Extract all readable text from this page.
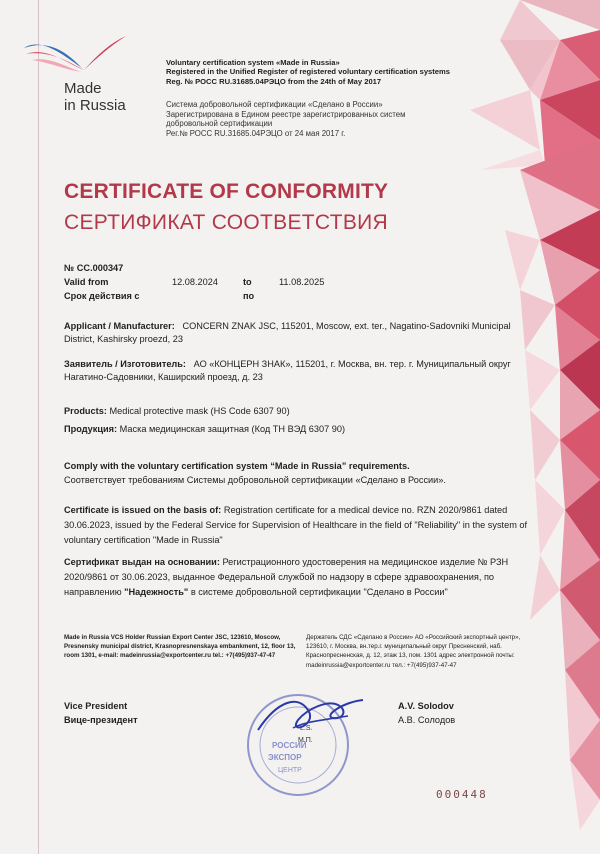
Made
in Russia
Voluntary certification system «Made in Russia»
Registered in the Unified Register of registered voluntary certification systems
Reg. № РОСС RU.31685.04РЭЦО from the 24th of May 2017
Система добровольной сертификации «Сделано в России»
Зарегистрирована в Едином реестре зарегистрированных систем
добровольной сертификации
Рег.№ РОСС RU.31685.04РЭЦО от 24 мая 2017 г.
CERTIFICATE OF CONFORMITY
СЕРТИФИКАТ СООТВЕТСТВИЯ
№ СС.000347
Valid from	12.08.2024	to	11.08.2025
Срок действия с	по
Applicant / Manufacturer: CONCERN ZNAK JSC, 115201, Moscow, ext. ter., Nagatino-Sadovniki Municipal District, Kashirsky proezd, 23
Заявитель / Изготовитель: АО «КОНЦЕРН ЗНАК», 115201, г. Москва, вн. тер. г. Муниципальный округ Нагатино-Садовники, Каширский проезд, д. 23
Products: Medical protective mask (HS Code 6307 90)
Продукция: Маска медицинская защитная (Код ТН ВЭД 6307 90)
Comply with the voluntary certification system “Made in Russia” requirements.
Соответствует требованиям Системы добровольной сертификации «Сделано в России».
Certificate is issued on the basis of: Registration certificate for a medical device no. RZN 2020/9861 dated 30.06.2023, issued by the Federal Service for Supervision of Healthcare in the field of "Reliability" in the system of voluntary certification "Made in Russia"
Сертификат выдан на основании: Регистрационного удостоверения на медицинское изделие № РЗН 2020/9861 от 30.06.2023, выданное Федеральной службой по надзору в сфере здравоохранения, по направлению "Надежность" в системе добровольной сертификации "Сделано в России"
Made in Russia VCS Holder Russian Export Center JSC, 123610, Moscow, Presnensky municipal district, Krasnopresnenskaya embankment, 12, floor 13, room 1301, e-mail: madeinrussia@exportcenter.ru tel.: +7(495)937-47-47
Держатель СДС «Сделано в России» АО «Российский экспортный центр», 123610, г. Москва, вн.тер.г. муниципальный округ Пресненский, наб. Краснопресненская, д. 12, этаж 13, пом. 1301 адрес электронной почты: madeinrussia@exportcenter.ru тел.: +7(495)937-47-47
Vice President
Вице-президент
A.V. Solodov
А.В. Солодов
РОССИЙ
ЭКСПОР
ЦЕНТР
L.S.
М.П.
000448
